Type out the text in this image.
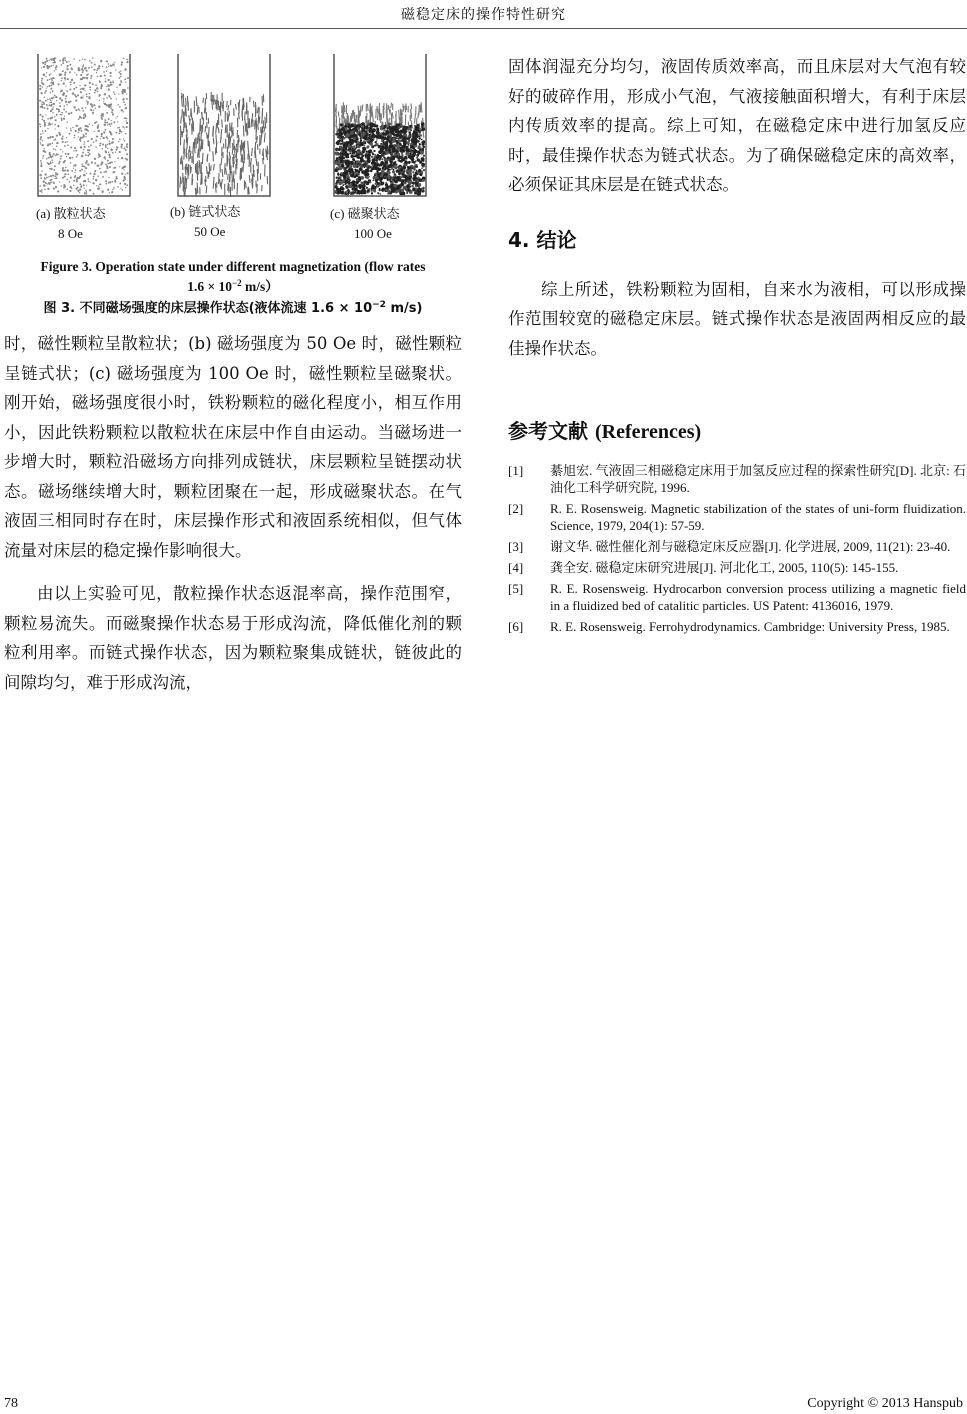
磁稳定床的操作特性研究
(a) 散粒状态
8 Oe
(b) 链式状态
50 Oe
(c) 磁聚状态
100 Oe
Figure 3. Operation state under different magnetization (flow rates
$1.6 \times 10^{-2}$ m/s）
图 3. 不同磁场强度的床层操作状态(液体流速 $1.6 \times 10^{-2}$ m/s)

时，磁性颗粒呈散粒状；(b) 磁场强度为 50 Oe 时，磁性颗粒呈链式状；(c) 磁场强度为 100 Oe 时，磁性颗粒呈磁聚状。刚开始，磁场强度很小时，铁粉颗粒的磁化程度小，相互作用小，因此铁粉颗粒以散粒状在床层中作自由运动。当磁场进一步增大时，颗粒沿磁场方向排列成链状，床层颗粒呈链摆动状态。磁场继续增大时，颗粒团聚在一起，形成磁聚状态。在气液固三相同时存在时，床层操作形式和液固系统相似，但气体流量对床层的稳定操作影响很大。

由以上实验可见，散粒操作状态返混率高，操作范围窄，颗粒易流失。而磁聚操作状态易于形成沟流，降低催化剂的颗粒利用率。而链式操作状态，因为颗粒聚集成链状，链彼此的间隙均匀，难于形成沟流，

固体润湿充分均匀，液固传质效率高，而且床层对大气泡有较好的破碎作用，形成小气泡，气液接触面积增大，有利于床层内传质效率的提高。综上可知，在磁稳定床中进行加氢反应时，最佳操作状态为链式状态。为了确保磁稳定床的高效率，必须保证其床层是在链式状态。

4. 结论

综上所述，铁粉颗粒为固相，自来水为液相，可以形成操作范围较宽的磁稳定床层。链式操作状态是液固两相反应的最佳操作状态。

参考文献 (References)
[1] 綦旭宏. 气液固三相磁稳定床用于加氢反应过程的探索性研究[D]. 北京: 石油化工科学研究院, 1996.
[2] R. E. Rosensweig. Magnetic stabilization of the states of uni-form fluidization. Science, 1979, 204(1): 57-59.
[3] 谢文华. 磁性催化剂与磁稳定床反应器[J]. 化学进展, 2009, 11(21): 23-40.
[4] 龚全安. 磁稳定床研究进展[J]. 河北化工, 2005, 110(5): 145-155.
[5] R. E. Rosensweig. Hydrocarbon conversion process utilizing a magnetic field in a fluidized bed of catalitic particles. US Patent: 4136016, 1979.
[6] R. E. Rosensweig. Ferrohydrodynamics. Cambridge: University Press, 1985.
78	Copyright © 2013 Hanspub
